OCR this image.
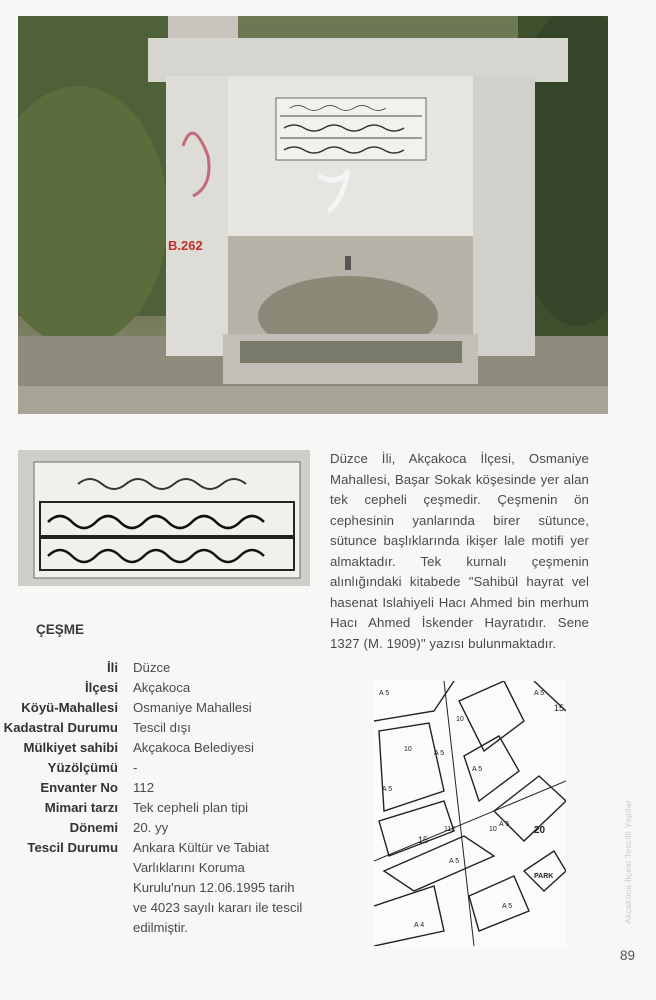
B.262
Düzce İli, Akçakoca İlçesi, Osmaniye Mahallesi, Başar Sokak köşesinde yer alan tek cepheli çeşmedir. Çeşmenin ön cephesinin yanlarında birer sütunce, sütunce başlıklarında ikişer lale motifi yer almaktadır. Tek kurnalı çeşmenin alınlığındaki kitabede "Sahibül hayrat vel hasenat Islahiyeli Hacı Ahmed bin merhum Hacı Ahmed İskender Hayratıdır. Sene 1327 (M. 1909)" yazısı bulunmaktadır.
ÇEŞME
İli	Düzce
İlçesi	Akçakoca
Köyü-Mahallesi	Osmaniye Mahallesi
Kadastral Durumu	Tescil dışı
Mülkiyet sahibi	Akçakoca Belediyesi
Yüzölçümü	-
Envanter No	112
Mimari tarzı	Tek cepheli plan tipi
Dönemi	20. yy
Tescil Durumu	Ankara Kültür ve Tabiat Varlıklarını Koruma Kurulu'nun 12.06.1995 tarih ve 4023 sayılı kararı ile tescil edilmiştir.
A 5	A 5
A 5
A 5
A 5
A 5
A 5
A 5
A 4
10
10
10
15
15
20
112
PARK	Akçakoca İlçesi Tescilli Yapılar
89
